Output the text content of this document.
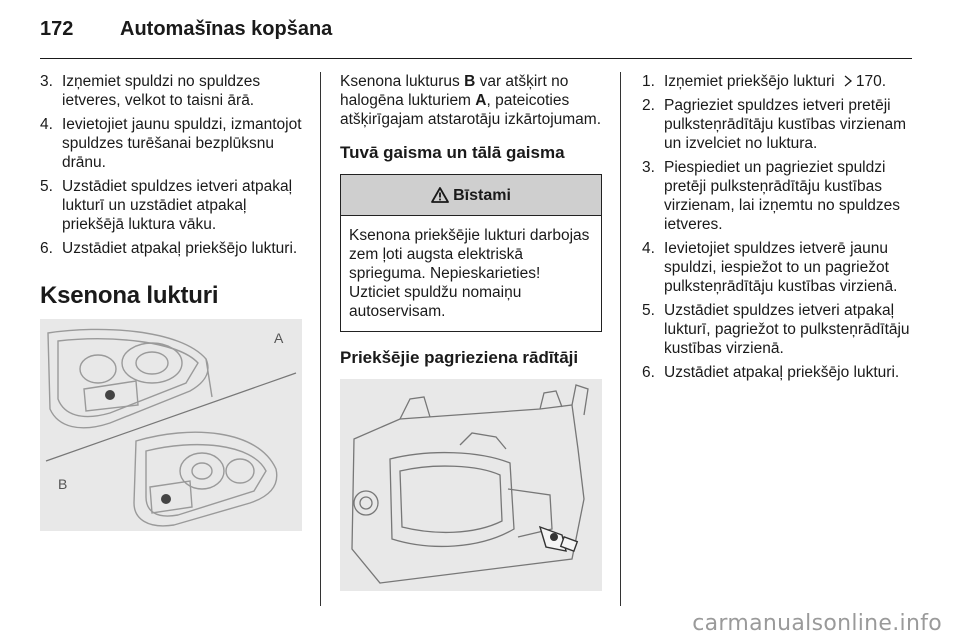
172 Automašīnas kopšana
3. Izņemiet spuldzi no spuldzes ietveres, velkot to taisni ārā.
4. Ievietojiet jaunu spuldzi, izmantojot spuldzes turēšanai bezplūksnu drānu.
5. Uzstādiet spuldzes ietveri atpakaļ lukturī un uzstādiet atpakaļ priekšējā luktura vāku.
6. Uzstādiet atpakaļ priekšējo lukturi.
Ksenona lukturi
A
B

Ksenona lukturus B var atšķirt no halogēna lukturiem A, pateicoties atšķirīgajam atstarotāju izkārtojumam.

Tuvā gaisma un tālā gaisma
Bīstami
Ksenona priekšējie lukturi darbojas zem ļoti augsta elektriskā sprieguma. Nepieskarieties! Uzticiet spuldžu nomaiņu autoservisam.
Priekšējie pagrieziena rādītāji
1. Izņemiet priekšējo lukturi 170.
2. Pagrieziet spuldzes ietveri pretēji pulksteņrādītāju kustības virzienam un izvelciet no luktura.
3. Piespiediet un pagrieziet spuldzi pretēji pulksteņrādītāju kustības virzienam, lai izņemtu no spuldzes ietveres.
4. Ievietojiet spuldzes ietverē jaunu spuldzi, iespiežot to un pagriežot pulksteņrādītāju kustības virzienā.
5. Uzstādiet spuldzes ietveri atpakaļ lukturī, pagriežot to pulksteņrādītāju kustības virzienā.
6. Uzstādiet atpakaļ priekšējo lukturi.
carmanualsonline.info
